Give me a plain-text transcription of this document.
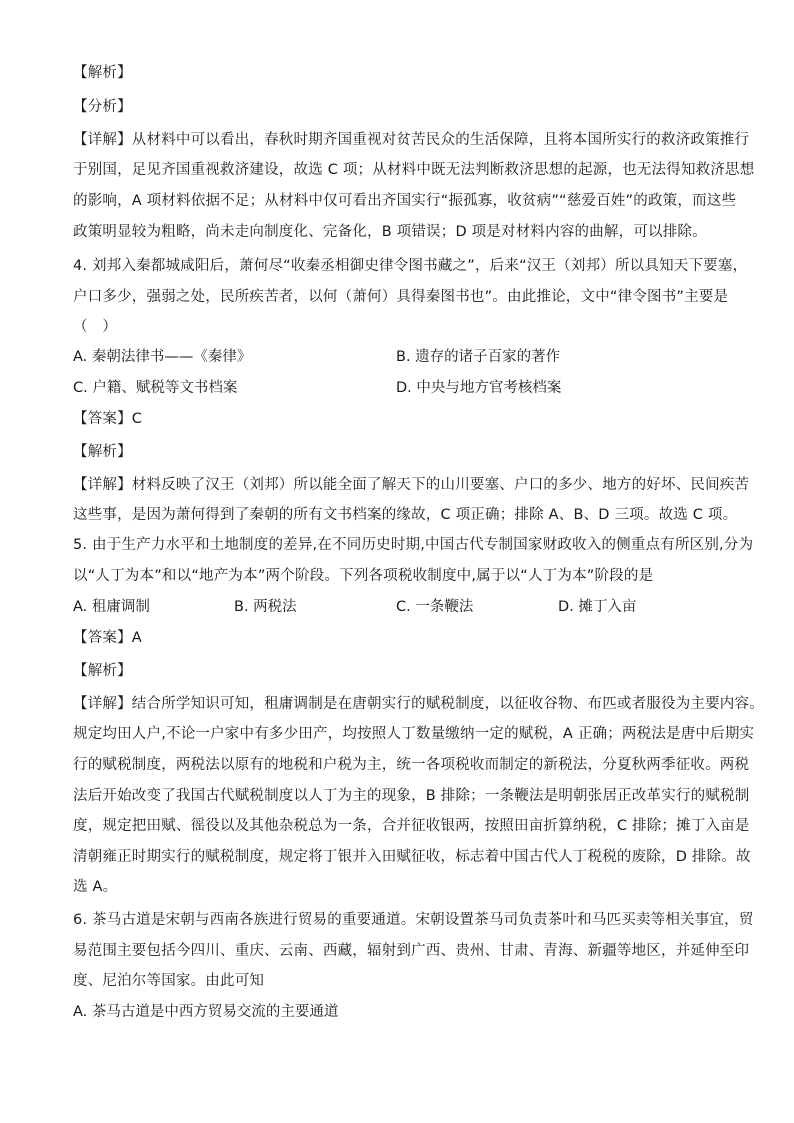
【解析】
【分析】
【详解】从材料中可以看出，春秋时期齐国重视对贫苦民众的生活保障，且将本国所实行的救济政策推行
于别国，足见齐国重视救济建设，故选 C 项；从材料中既无法判断救济思想的起源，也无法得知救济思想
的影响，A 项材料依据不足；从材料中仅可看出齐国实行“振孤寡，收贫病”“慈爱百姓”的政策，而这些
政策明显较为粗略，尚未走向制度化、完备化，B 项错误；D 项是对材料内容的曲解，可以排除。
4. 刘邦入秦都城咸阳后，萧何尽“收秦丞相御史律令图书藏之”，后来“汉王（刘邦）所以具知天下要塞，
户口多少，强弱之处，民所疾苦者，以何（萧何）具得秦图书也”。由此推论，文中“律令图书”主要是
（　）
A. 秦朝法律书——《秦律》	B. 遗存的诸子百家的著作
C. 户籍、赋税等文书档案	D. 中央与地方官考核档案
【答案】C
【解析】
【详解】材料反映了汉王（刘邦）所以能全面了解天下的山川要塞、户口的多少、地方的好坏、民间疾苦
这些事，是因为萧何得到了秦朝的所有文书档案的缘故，C 项正确；排除 A、B、D 三项。故选 C 项。
5. 由于生产力水平和土地制度的差异,在不同历史时期,中国古代专制国家财政收入的侧重点有所区别,分为
以“人丁为本”和以“地产为本”两个阶段。下列各项税收制度中,属于以“人丁为本”阶段的是
A. 租庸调制	B. 两税法	C. 一条鞭法	D. 摊丁入亩
【答案】A
【解析】
【详解】结合所学知识可知，租庸调制是在唐朝实行的赋税制度，以征收谷物、布匹或者服役为主要内容。
规定均田人户,不论一户家中有多少田产，均按照人丁数量缴纳一定的赋税，A 正确；两税法是唐中后期实
行的赋税制度，两税法以原有的地税和户税为主，统一各项税收而制定的新税法，分夏秋两季征收。两税
法后开始改变了我国古代赋税制度以人丁为主的现象，B 排除；一条鞭法是明朝张居正改革实行的赋税制
度，规定把田赋、徭役以及其他杂税总为一条，合并征收银两，按照田亩折算纳税，C 排除；摊丁入亩是
清朝雍正时期实行的赋税制度，规定将丁银并入田赋征收，标志着中国古代人丁税税的废除，D 排除。故
选 A。
6. 茶马古道是宋朝与西南各族进行贸易的重要通道。宋朝设置茶马司负责茶叶和马匹买卖等相关事宜，贸
易范围主要包括今四川、重庆、云南、西藏，辐射到广西、贵州、甘肃、青海、新疆等地区，并延伸至印
度、尼泊尔等国家。由此可知
A. 茶马古道是中西方贸易交流的主要通道
